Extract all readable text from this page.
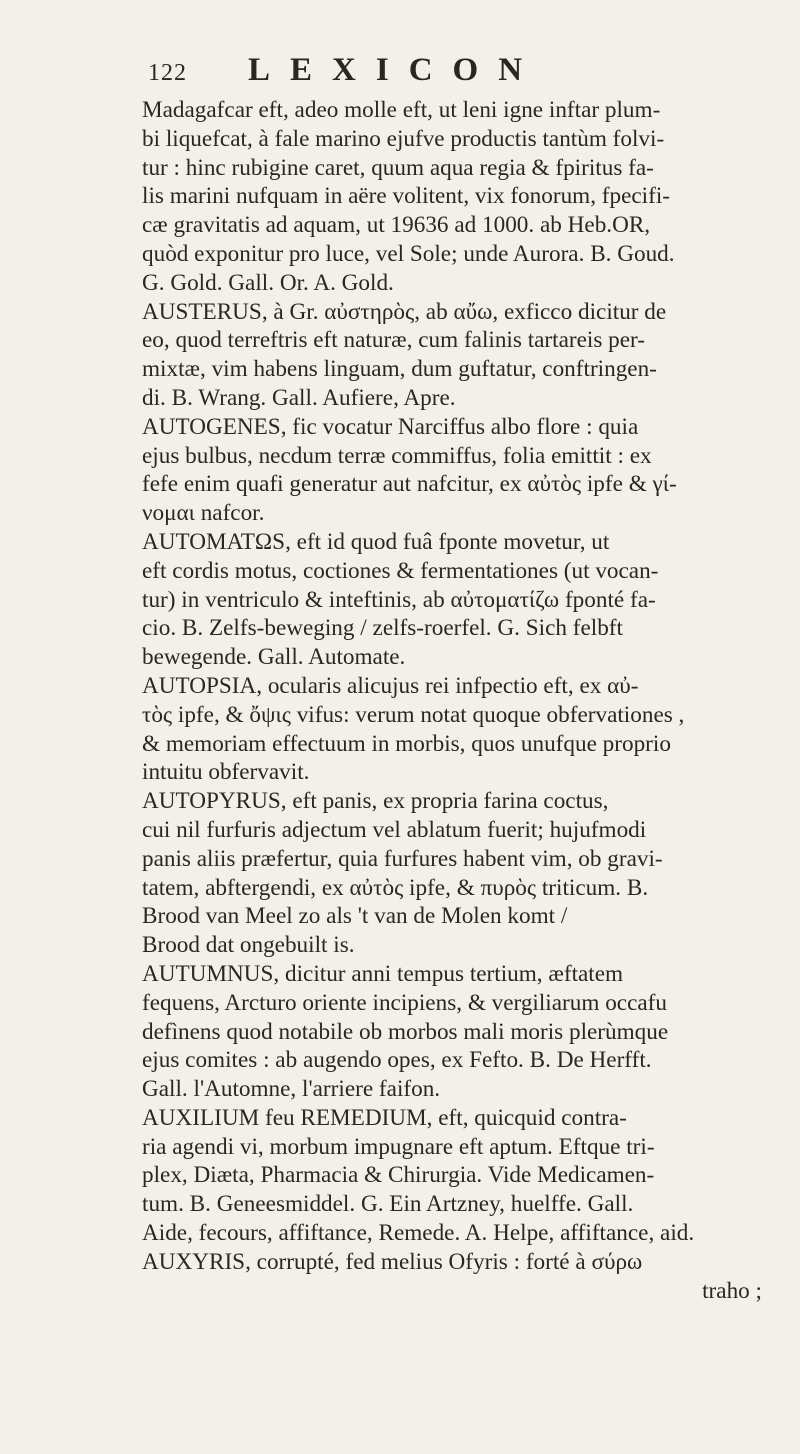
122 LEXICON
Madagafcar eft, adeo molle eft, ut leni igne inftar plum-
bi liquefcat, à fale marino ejufve productis tantùm folvi-
tur : hinc rubigine caret, quum aqua regia & fpiritus fa-
lis marini nufquam in aëre volitent, vix fonorum, fpecifi-
cæ gravitatis ad aquam, ut 19636 ad 1000. ab Heb.OR,
quòd exponitur pro luce, vel Sole; unde Aurora. B. Goud.
G. Gold. Gall. Or. A. Gold.
AUSTERUS, à Gr. αὐστηρὸς, ab αὔω, exficco dicitur de
eo, quod terreftris eft naturæ, cum falinis tartareis per-
mixtæ, vim habens linguam, dum guftatur, conftringen-
di. B. Wrang. Gall. Aufiere, Apre.
AUTOGENES, fic vocatur Narciffus albo flore : quia
ejus bulbus, necdum terræ commiffus, folia emittit : ex
fefe enim quafi generatur aut nafcitur, ex αὐτὸς ipfe & γί-
νομαι nafcor.
AUTOMATΩS, eft id quod fuâ fponte movetur, ut
eft cordis motus, coctiones & fermentationes (ut vocan-
tur) in ventriculo & inteftinis, ab αὐτοματίζω fponté fa-
cio. B. Zelfs-beweging / zelfs-roerfel. G. Sich felbft
bewegende. Gall. Automate.
AUTOPSIA, ocularis alicujus rei infpectio eft, ex αὐ-
τὸς ipfe, & ὄψις vifus: verum notat quoque obfervationes ,
& memoriam effectuum in morbis, quos unufque proprio
intuitu obfervavit.
AUTOPYRUS, eft panis, ex propria farina coctus,
cui nil furfuris adjectum vel ablatum fuerit; hujufmodi
panis aliis præfertur, quia furfures habent vim, ob gravi-
tatem, abftergendi, ex αὐτὸς ipfe, & πυρὸς triticum. B.
Brood van Meel zo als 't van de Molen komt /
Brood dat ongebuilt is.
AUTUMNUS, dicitur anni tempus tertium, æftatem
fequens, Arcturo oriente incipiens, & vergiliarum occafu
defìnens quod notabile ob morbos mali moris plerùmque
ejus comites : ab augendo opes, ex Fefto. B. De Herfft.
Gall. l'Automne, l'arriere faifon.
AUXILIUM feu REMEDIUM, eft, quicquid contra-
ria agendi vi, morbum impugnare eft aptum. Eftque tri-
plex, Diæta, Pharmacia & Chirurgia. Vide Medicamen-
tum. B. Geneesmiddel. G. Ein Artzney, huelffe. Gall.
Aide, fecours, affiftance, Remede. A. Helpe, affiftance, aid.
AUXYRIS, corrupté, fed melius Ofyris : forté à σύρω
traho ;
